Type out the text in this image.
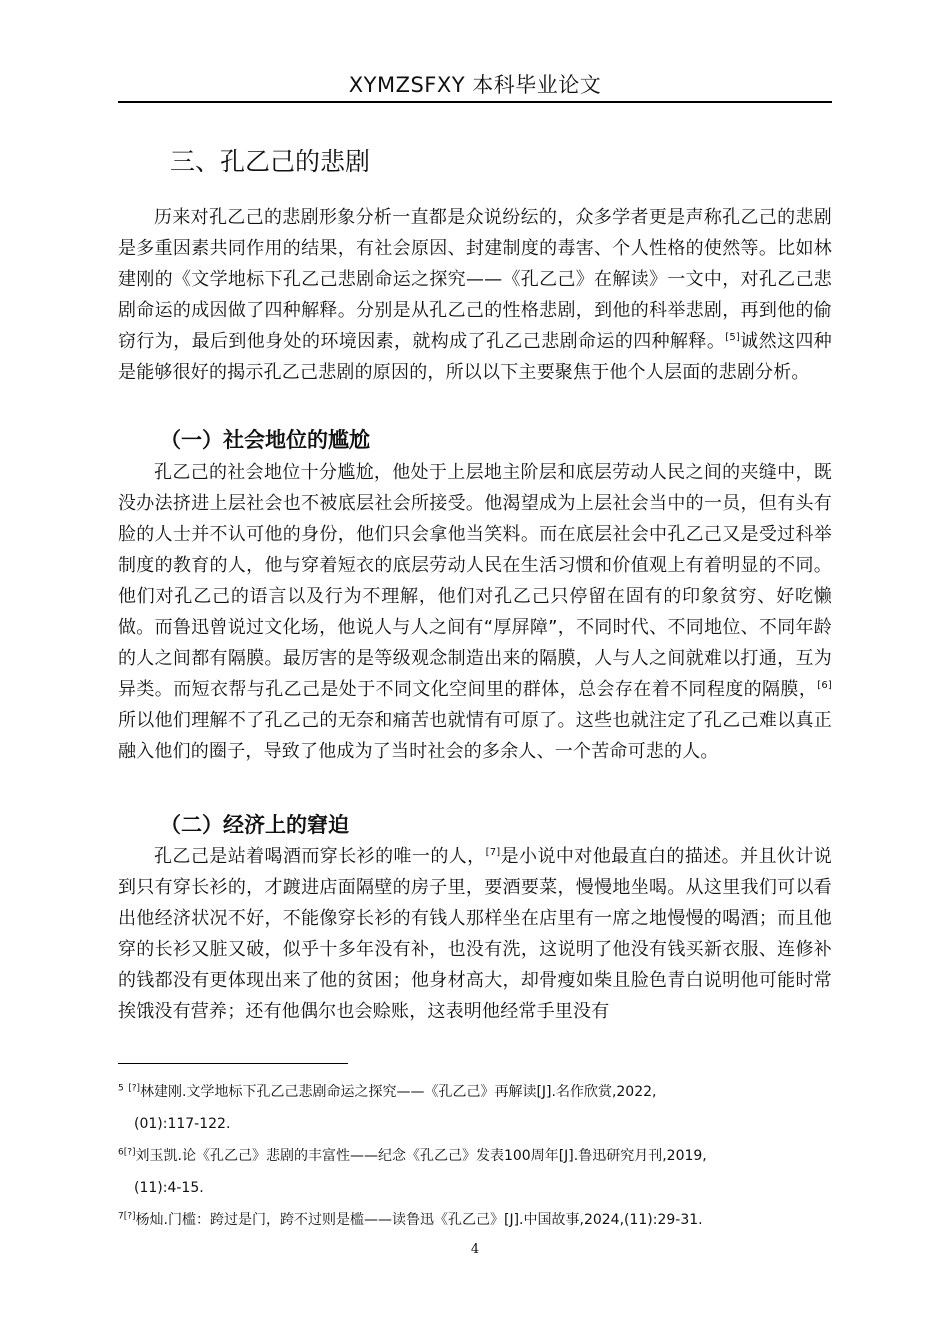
XYMZSFXY 本科毕业论文
三、孔乙己的悲剧

历来对孔乙己的悲剧形象分析一直都是众说纷纭的，众多学者更是声称孔乙己的悲剧是多重因素共同作用的结果，有社会原因、封建制度的毒害、个人性格的使然等。比如林建刚的《文学地标下孔乙己悲剧命运之探究——《孔乙己》在解读》一文中，对孔乙己悲剧命运的成因做了四种解释。分别是从孔乙己的性格悲剧，到他的科举悲剧，再到他的偷窃行为，最后到他身处的环境因素，就构成了孔乙己悲剧命运的四种解释。[5]诚然这四种是能够很好的揭示孔乙己悲剧的原因的，所以以下主要聚焦于他个人层面的悲剧分析。

（一）社会地位的尴尬

孔乙己的社会地位十分尴尬，他处于上层地主阶层和底层劳动人民之间的夹缝中，既没办法挤进上层社会也不被底层社会所接受。他渴望成为上层社会当中的一员，但有头有脸的人士并不认可他的身份，他们只会拿他当笑料。而在底层社会中孔乙己又是受过科举制度的教育的人，他与穿着短衣的底层劳动人民在生活习惯和价值观上有着明显的不同。他们对孔乙己的语言以及行为不理解，他们对孔乙己只停留在固有的印象贫穷、好吃懒做。而鲁迅曾说过文化场，他说人与人之间有“厚屏障”，不同时代、不同地位、不同年龄的人之间都有隔膜。最厉害的是等级观念制造出来的隔膜，人与人之间就难以打通，互为异类。而短衣帮与孔乙己是处于不同文化空间里的群体，总会存在着不同程度的隔膜，[6]所以他们理解不了孔乙己的无奈和痛苦也就情有可原了。这些也就注定了孔乙己难以真正融入他们的圈子，导致了他成为了当时社会的多余人、一个苦命可悲的人。

（二）经济上的窘迫

孔乙己是站着喝酒而穿长衫的唯一的人，[7]是小说中对他最直白的描述。并且伙计说到只有穿长衫的，才踱进店面隔壁的房子里，要酒要菜，慢慢地坐喝。从这里我们可以看出他经济状况不好，不能像穿长衫的有钱人那样坐在店里有一席之地慢慢的喝酒；而且他穿的长衫又脏又破，似乎十多年没有补，也没有洗，这说明了他没有钱买新衣服、连修补的钱都没有更体现出来了他的贫困；他身材高大，却骨瘦如柴且脸色青白说明他可能时常挨饿没有营养；还有他偶尔也会赊账，这表明他经常手里没有

$^5$ [?]林建刚.文学地标下孔乙己悲剧命运之探究——《孔乙己》再解读[J].名作欣赏,2022,
(01):117-122.

$^{6[?]}$刘玉凯.论《孔乙己》悲剧的丰富性——纪念《孔乙己》发表100周年[J].鲁迅研究月刊,2019,
(11):4-15.

$^{7[?]}$杨灿.门槛：跨过是门，跨不过则是槛——读鲁迅《孔乙己》[J].中国故事,2024,(11):29-31.

4
